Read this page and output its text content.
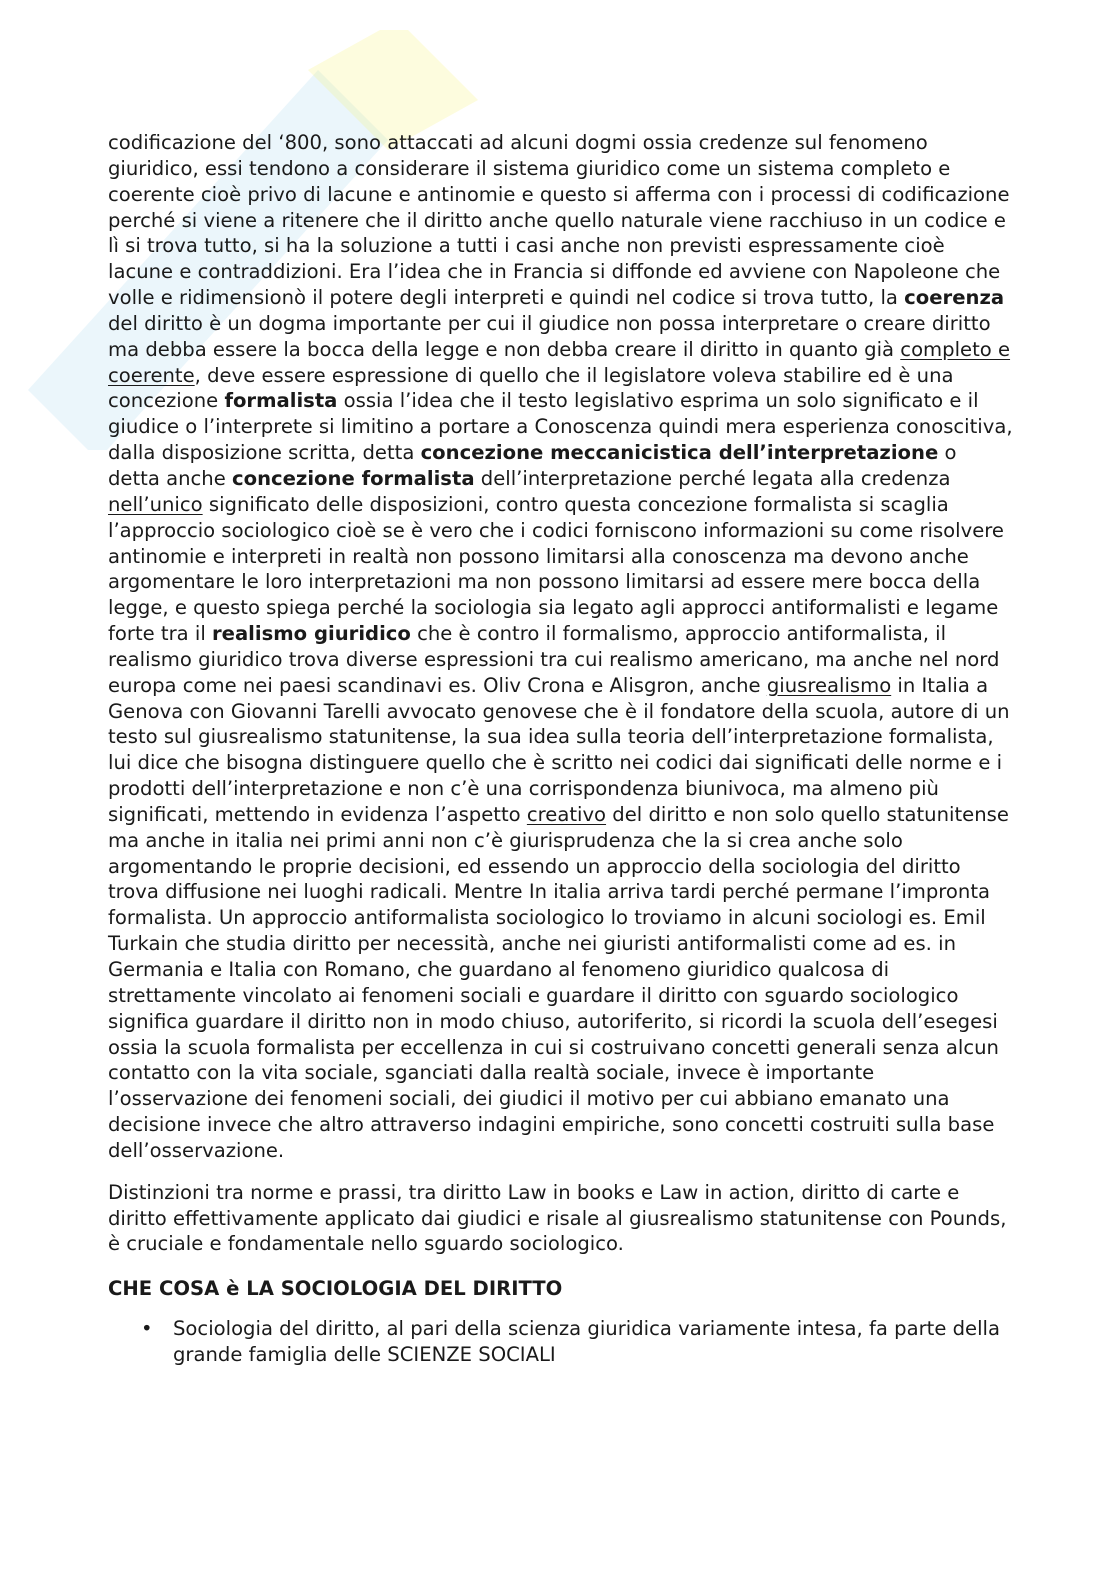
codificazione del ‘800, sono attaccati ad alcuni dogmi ossia credenze sul fenomeno giuridico, essi tendono a considerare il sistema giuridico come un sistema completo e coerente cioè privo di lacune e antinomie e questo si afferma con i processi di codificazione perché si viene a ritenere che il diritto anche quello naturale viene racchiuso in un codice e lì si trova tutto, si ha la soluzione a tutti i casi anche non previsti espressamente cioè lacune e contraddizioni. Era l’idea che in Francia si diffonde ed avviene con Napoleone che volle e ridimensionò il potere degli interpreti e quindi nel codice si trova tutto, la coerenza del diritto è un dogma importante per cui il giudice non possa interpretare o creare diritto ma debba essere la bocca della legge e non debba creare il diritto in quanto già completo e coerente, deve essere espressione di quello che il legislatore voleva stabilire ed è una concezione formalista ossia l’idea che il testo legislativo esprima un solo significato e il giudice o l’interprete si limitino a portare a Conoscenza quindi mera esperienza conoscitiva, dalla disposizione scritta, detta concezione meccanicistica dell’interpretazione o detta anche concezione formalista dell’interpretazione perché legata alla credenza nell’unico significato delle disposizioni, contro questa concezione formalista si scaglia l’approccio sociologico cioè se è vero che i codici forniscono informazioni su come risolvere antinomie e interpreti in realtà non possono limitarsi alla conoscenza ma devono anche argomentare le loro interpretazioni ma non possono limitarsi ad essere mere bocca della legge, e questo spiega perché la sociologia sia legato agli approcci antiformalisti e legame forte tra il realismo giuridico che è contro il formalismo, approccio antiformalista, il realismo giuridico trova diverse espressioni tra cui realismo americano, ma anche nel nord europa come nei paesi scandinavi es. Oliv Crona e Alisgron, anche giusrealismo in Italia a Genova con Giovanni Tarelli avvocato genovese che è il fondatore della scuola, autore di un testo sul giusrealismo statunitense, la sua idea sulla teoria dell’interpretazione formalista, lui dice che bisogna distinguere quello che è scritto nei codici dai significati delle norme e i prodotti dell’interpretazione e non c’è una corrispondenza biunivoca, ma almeno più significati, mettendo in evidenza l’aspetto creativo del diritto e non solo quello statunitense ma anche in italia nei primi anni non c’è giurisprudenza che la si crea anche solo argomentando le proprie decisioni, ed essendo un approccio della sociologia del diritto trova diffusione nei luoghi radicali. Mentre In italia arriva tardi perché permane l’impronta formalista. Un approccio antiformalista sociologico lo troviamo in alcuni sociologi es. Emil Turkain che studia diritto per necessità, anche nei giuristi antiformalisti come ad es. in Germania e Italia con Romano, che guardano al fenomeno giuridico qualcosa di strettamente vincolato ai fenomeni sociali e guardare il diritto con sguardo sociologico significa guardare il diritto non in modo chiuso, autoriferito, si ricordi la scuola dell’esegesi ossia la scuola formalista per eccellenza in cui si costruivano concetti generali senza alcun contatto con la vita sociale, sganciati dalla realtà sociale, invece è importante l’osservazione dei fenomeni sociali, dei giudici il motivo per cui abbiano emanato una decisione invece che altro attraverso indagini empiriche, sono concetti costruiti sulla base dell’osservazione.

Distinzioni tra norme e prassi, tra diritto Law in books e Law in action, diritto di carte e diritto effettivamente applicato dai giudici e risale al giusrealismo statunitense con Pounds, è cruciale e fondamentale nello sguardo sociologico.

CHE COSA è LA SOCIOLOGIA DEL DIRITTO

• Sociologia del diritto, al pari della scienza giuridica variamente intesa, fa parte della grande famiglia delle SCIENZE SOCIALI
